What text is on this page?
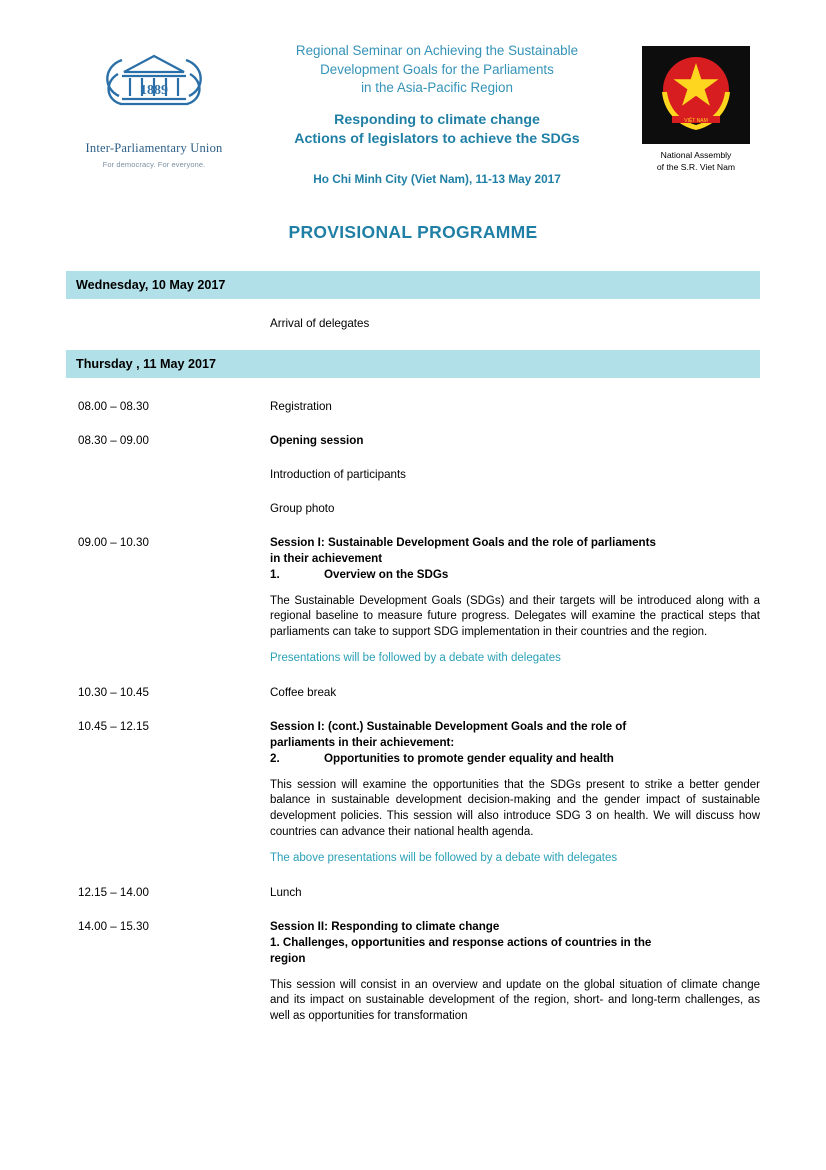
1889
Inter-Parliamentary Union
For democracy. For everyone.
Regional Seminar on Achieving the Sustainable
Development Goals for the Parliaments
in the Asia-Pacific Region
Responding to climate change
Actions of legislators to achieve the SDGs
Ho Chi Minh City (Viet Nam), 11-13 May 2017
VIỆT NAM
National Assembly
of the S.R. Viet Nam
PROVISIONAL PROGRAMME
Wednesday, 10 May 2017
Arrival of delegates
Thursday , 11 May 2017
08.00 – 08.30	Registration
08.30 – 09.00	Opening session
Introduction of participants
Group photo
09.00 – 10.30	Session I: Sustainable Development Goals and the role of parliaments
in their achievement
1.	Overview on the SDGs
The Sustainable Development Goals (SDGs) and their targets will be introduced along with a regional baseline to measure future progress. Delegates will examine the practical steps that parliaments can take to support SDG implementation in their countries and the region.
Presentations will be followed by a debate with delegates
10.30 – 10.45	Coffee break
10.45 – 12.15	Session I: (cont.) Sustainable Development Goals and the role of
parliaments in their achievement:
2.	Opportunities to promote gender equality and health
This session will examine the opportunities that the SDGs present to strike a better gender balance in sustainable development decision-making and the gender impact of sustainable development policies. This session will also introduce SDG 3 on health. We will discuss how countries can advance their national health agenda.
The above presentations will be followed by a debate with delegates
12.15 – 14.00	Lunch
14.00 – 15.30	Session II: Responding to climate change
1. Challenges, opportunities and response actions of countries in the
region
This session will consist in an overview and update on the global situation of climate change and its impact on sustainable development of the region, short- and long-term challenges, as well as opportunities for transformation
